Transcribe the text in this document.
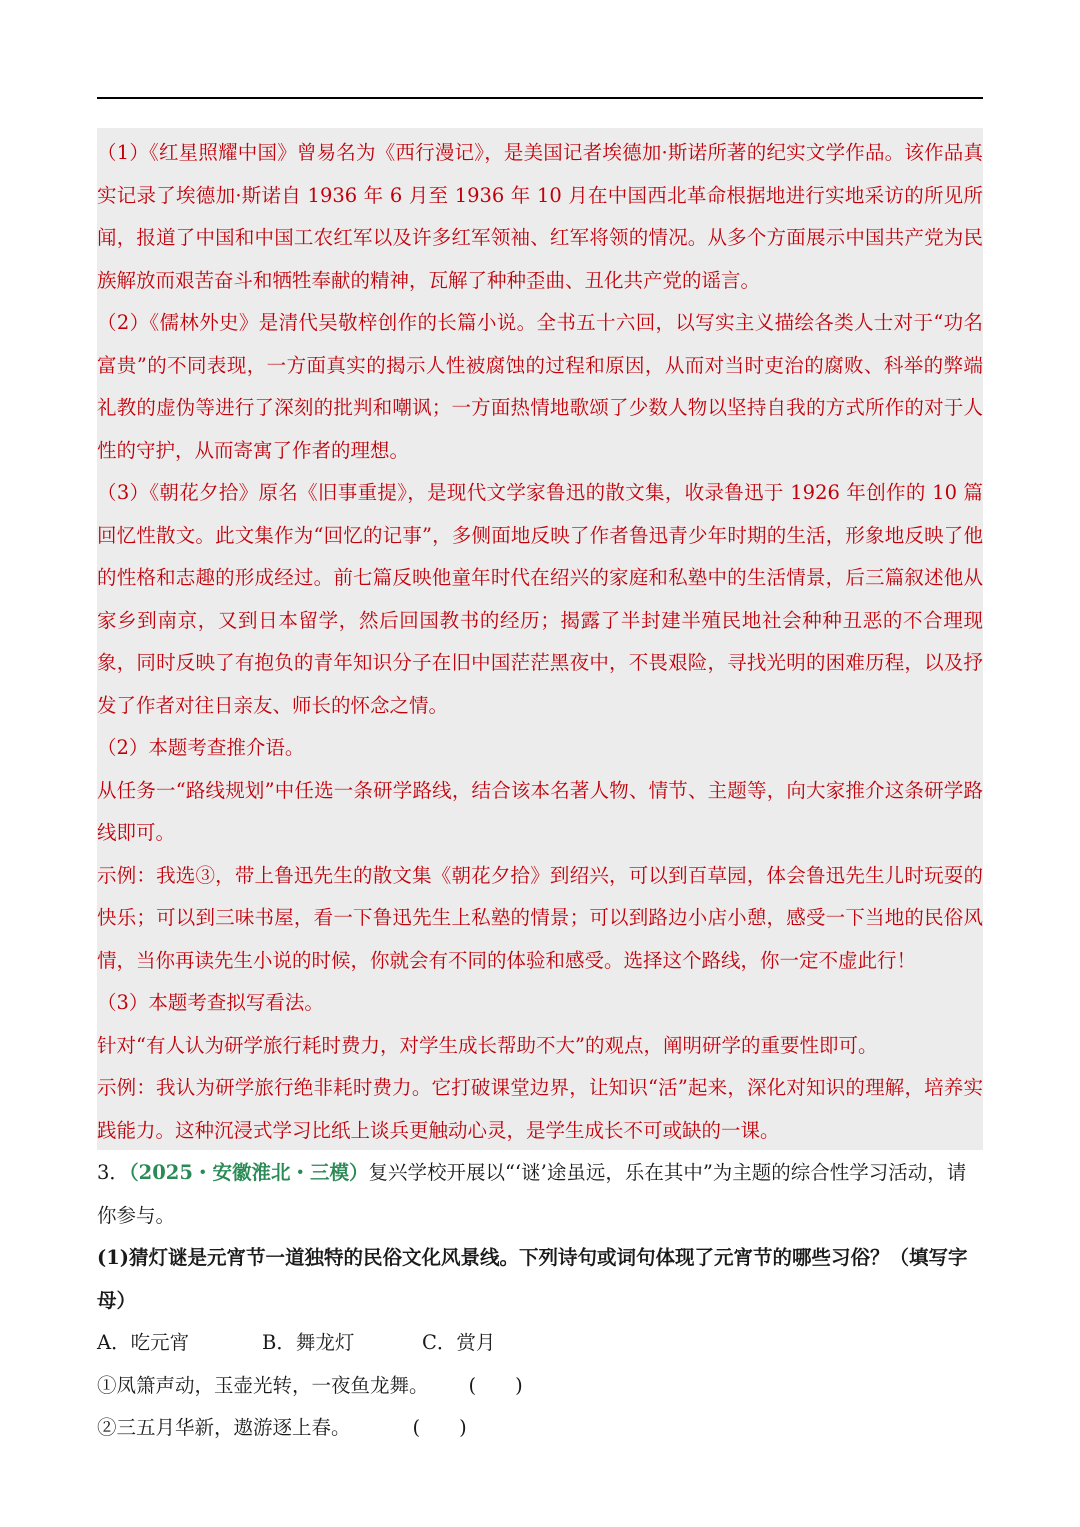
（1）《红星照耀中国》曾易名为《西行漫记》，是美国记者埃德加·斯诺所著的纪实文学作品。该作品真实记录了埃德加·斯诺自 1936 年 6 月至 1936 年 10 月在中国西北革命根据地进行实地采访的所见所闻，报道了中国和中国工农红军以及许多红军领袖、红军将领的情况。从多个方面展示中国共产党为民族解放而艰苦奋斗和牺牲奉献的精神，瓦解了种种歪曲、丑化共产党的谣言。

（2）《儒林外史》是清代吴敬梓创作的长篇小说。全书五十六回，以写实主义描绘各类人士对于“功名富贵”的不同表现，一方面真实的揭示人性被腐蚀的过程和原因，从而对当时吏治的腐败、科举的弊端礼教的虚伪等进行了深刻的批判和嘲讽；一方面热情地歌颂了少数人物以坚持自我的方式所作的对于人性的守护，从而寄寓了作者的理想。

（3）《朝花夕拾》原名《旧事重提》，是现代文学家鲁迅的散文集，收录鲁迅于 1926 年创作的 10 篇回忆性散文。此文集作为“回忆的记事”，多侧面地反映了作者鲁迅青少年时期的生活，形象地反映了他的性格和志趣的形成经过。前七篇反映他童年时代在绍兴的家庭和私塾中的生活情景，后三篇叙述他从家乡到南京，又到日本留学，然后回国教书的经历；揭露了半封建半殖民地社会种种丑恶的不合理现象，同时反映了有抱负的青年知识分子在旧中国茫茫黑夜中，不畏艰险，寻找光明的困难历程，以及抒发了作者对往日亲友、师长的怀念之情。

（2）本题考查推介语。

从任务一“路线规划”中任选一条研学路线，结合该本名著人物、情节、主题等，向大家推介这条研学路线即可。

示例：我选③，带上鲁迅先生的散文集《朝花夕拾》到绍兴，可以到百草园，体会鲁迅先生儿时玩耍的快乐；可以到三味书屋，看一下鲁迅先生上私塾的情景；可以到路边小店小憩，感受一下当地的民俗风情，当你再读先生小说的时候，你就会有不同的体验和感受。选择这个路线，你一定不虚此行！

（3）本题考查拟写看法。

针对“有人认为研学旅行耗时费力，对学生成长帮助不大”的观点，阐明研学的重要性即可。

示例：我认为研学旅行绝非耗时费力。它打破课堂边界，让知识“活”起来，深化对知识的理解，培养实践能力。这种沉浸式学习比纸上谈兵更触动心灵，是学生成长不可或缺的一课。

3．（2025・安徽淮北・三模）复兴学校开展以“‘谜’途虽远，乐在其中”为主题的综合性学习活动，请你参与。

(1)猜灯谜是元宵节一道独特的民俗文化风景线。下列诗句或词句体现了元宵节的哪些习俗？（填写字母）

A．吃元宵	B．舞龙灯	C．赏月

①凤箫声动，玉壶光转，一夜鱼龙舞。 (　　)

②三五月华新，遨游逐上春。	(　　)
